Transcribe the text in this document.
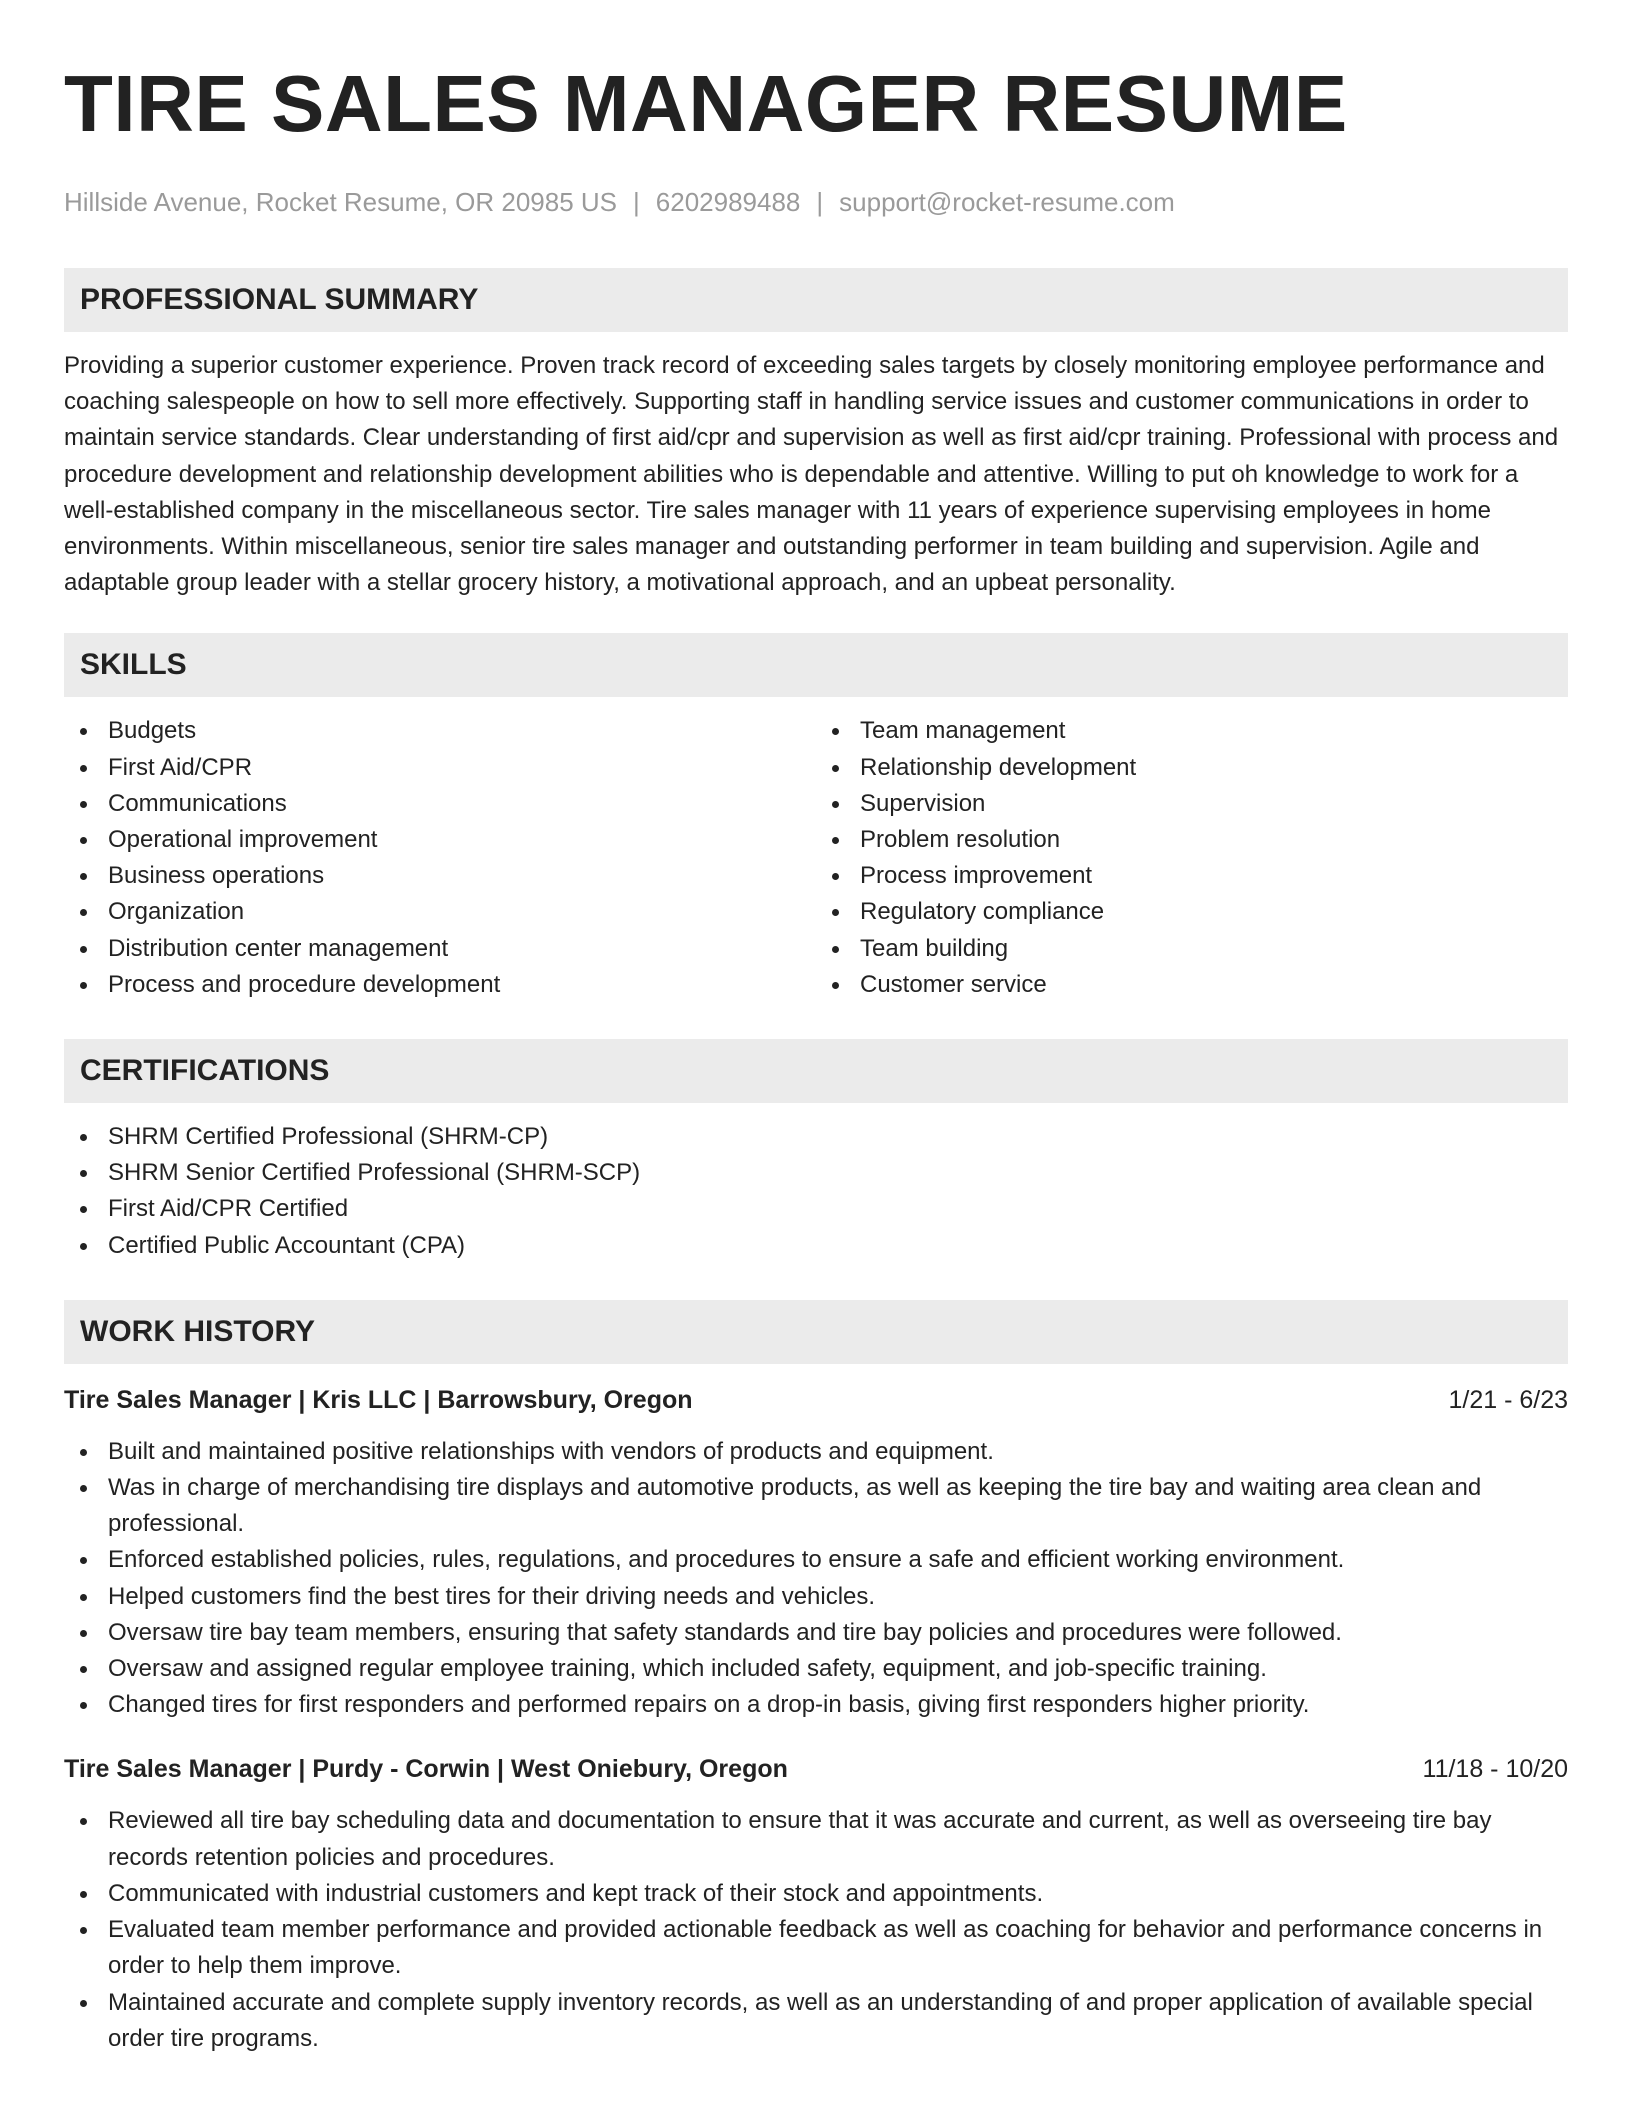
TIRE SALES MANAGER RESUME
Hillside Avenue, Rocket Resume, OR 20985 US | 6202989488 | support@rocket-resume.com
PROFESSIONAL SUMMARY

Providing a superior customer experience. Proven track record of exceeding sales targets by closely monitoring employee performance and coaching salespeople on how to sell more effectively. Supporting staff in handling service issues and customer communications in order to maintain service standards. Clear understanding of first aid/cpr and supervision as well as first aid/cpr training. Professional with process and procedure development and relationship development abilities who is dependable and attentive. Willing to put oh knowledge to work for a well-established company in the miscellaneous sector. Tire sales manager with 11 years of experience supervising employees in home environments. Within miscellaneous, senior tire sales manager and outstanding performer in team building and supervision. Agile and adaptable group leader with a stellar grocery history, a motivational approach, and an upbeat personality.

SKILLS
Budgets
First Aid/CPR
Communications
Operational improvement
Business operations
Organization
Distribution center management
Process and procedure development
Team management
Relationship development
Supervision
Problem resolution
Process improvement
Regulatory compliance
Team building
Customer service
CERTIFICATIONS
SHRM Certified Professional (SHRM-CP)
SHRM Senior Certified Professional (SHRM-SCP)
First Aid/CPR Certified
Certified Public Accountant (CPA)
WORK HISTORY
Tire Sales Manager | Kris LLC | Barrowsbury, Oregon	1/21 - 6/23
Built and maintained positive relationships with vendors of products and equipment.
Was in charge of merchandising tire displays and automotive products, as well as keeping the tire bay and waiting area clean and professional.
Enforced established policies, rules, regulations, and procedures to ensure a safe and efficient working environment.
Helped customers find the best tires for their driving needs and vehicles.
Oversaw tire bay team members, ensuring that safety standards and tire bay policies and procedures were followed.
Oversaw and assigned regular employee training, which included safety, equipment, and job-specific training.
Changed tires for first responders and performed repairs on a drop-in basis, giving first responders higher priority.
Tire Sales Manager | Purdy - Corwin | West Oniebury, Oregon	11/18 - 10/20
Reviewed all tire bay scheduling data and documentation to ensure that it was accurate and current, as well as overseeing tire bay records retention policies and procedures.
Communicated with industrial customers and kept track of their stock and appointments.
Evaluated team member performance and provided actionable feedback as well as coaching for behavior and performance concerns in order to help them improve.
Maintained accurate and complete supply inventory records, as well as an understanding of and proper application of available special order tire programs.
